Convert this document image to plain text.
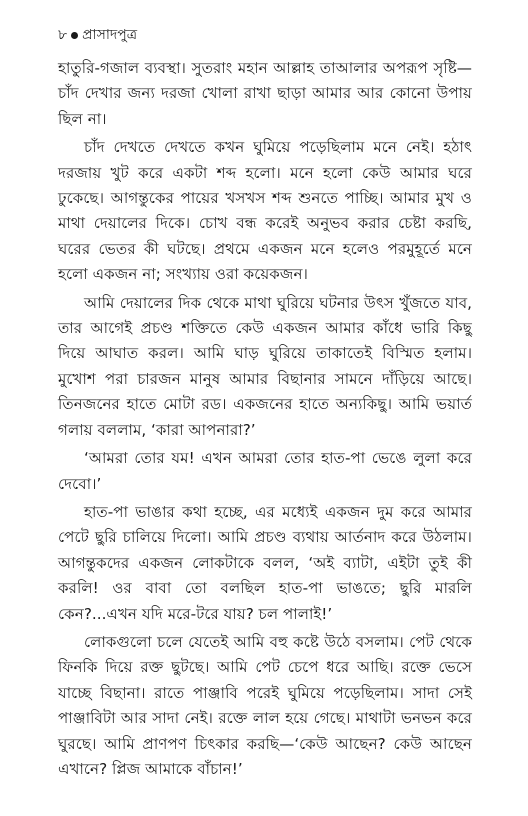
৮ প্রাসাদপুত্র

হাতুরি-গজাল ব্যবস্থা। সুতরাং মহান আল্লাহ তাআলার অপরূপ সৃষ্টি—চাঁদ দেখার জন্য দরজা খোলা রাখা ছাড়া আমার আর কোনো উপায় ছিল না।

চাঁদ দেখতে দেখতে কখন ঘুমিয়ে পড়েছিলাম মনে নেই। হঠাৎ দরজায় খুট করে একটা শব্দ হলো। মনে হলো কেউ আমার ঘরে ঢুকেছে। আগন্তুকের পায়ের খসখস শব্দ শুনতে পাচ্ছি। আমার মুখ ও মাথা দেয়ালের দিকে। চোখ বন্ধ করেই অনুভব করার চেষ্টা করছি, ঘরের ভেতর কী ঘটছে। প্রথমে একজন মনে হলেও পরমুহূর্তে মনে হলো একজন না; সংখ্যায় ওরা কয়েকজন।

আমি দেয়ালের দিক থেকে মাথা ঘুরিয়ে ঘটনার উৎস খুঁজতে যাব, তার আগেই প্রচণ্ড শক্তিতে কেউ একজন আমার কাঁধে ভারি কিছু দিয়ে আঘাত করল। আমি ঘাড় ঘুরিয়ে তাকাতেই বিস্মিত হলাম। মুখোশ পরা চারজন মানুষ আমার বিছানার সামনে দাঁড়িয়ে আছে। তিনজনের হাতে মোটা রড। একজনের হাতে অন্যকিছু। আমি ভয়ার্ত গলায় বললাম, ‘কারা আপনারা?’

‘আমরা তোর যম! এখন আমরা তোর হাত-পা ভেঙে লুলা করে দেবো।’

হাত-পা ভাঙার কথা হচ্ছে, এর মধ্যেই একজন দুম করে আমার পেটে ছুরি চালিয়ে দিলো। আমি প্রচণ্ড ব্যথায় আর্তনাদ করে উঠলাম। আগন্তুকদের একজন লোকটাকে বলল, ‘অই ব্যাটা, এইটা তুই কী করলি! ওর বাবা তো বলছিল হাত-পা ভাঙতে; ছুরি মারলি কেন?...এখন যদি মরে-টরে যায়? চল পালাই!’

লোকগুলো চলে যেতেই আমি বহু কষ্টে উঠে বসলাম। পেট থেকে ফিনকি দিয়ে রক্ত ছুটছে। আমি পেট চেপে ধরে আছি। রক্তে ভেসে যাচ্ছে বিছানা। রাতে পাঞ্জাবি পরেই ঘুমিয়ে পড়েছিলাম। সাদা সেই পাঞ্জাবিটা আর সাদা নেই। রক্তে লাল হয়ে গেছে। মাথাটা ভনভন করে ঘুরছে। আমি প্রাণপণ চিৎকার করছি—‘কেউ আছেন? কেউ আছেন এখানে? প্লিজ আমাকে বাঁচান!’
